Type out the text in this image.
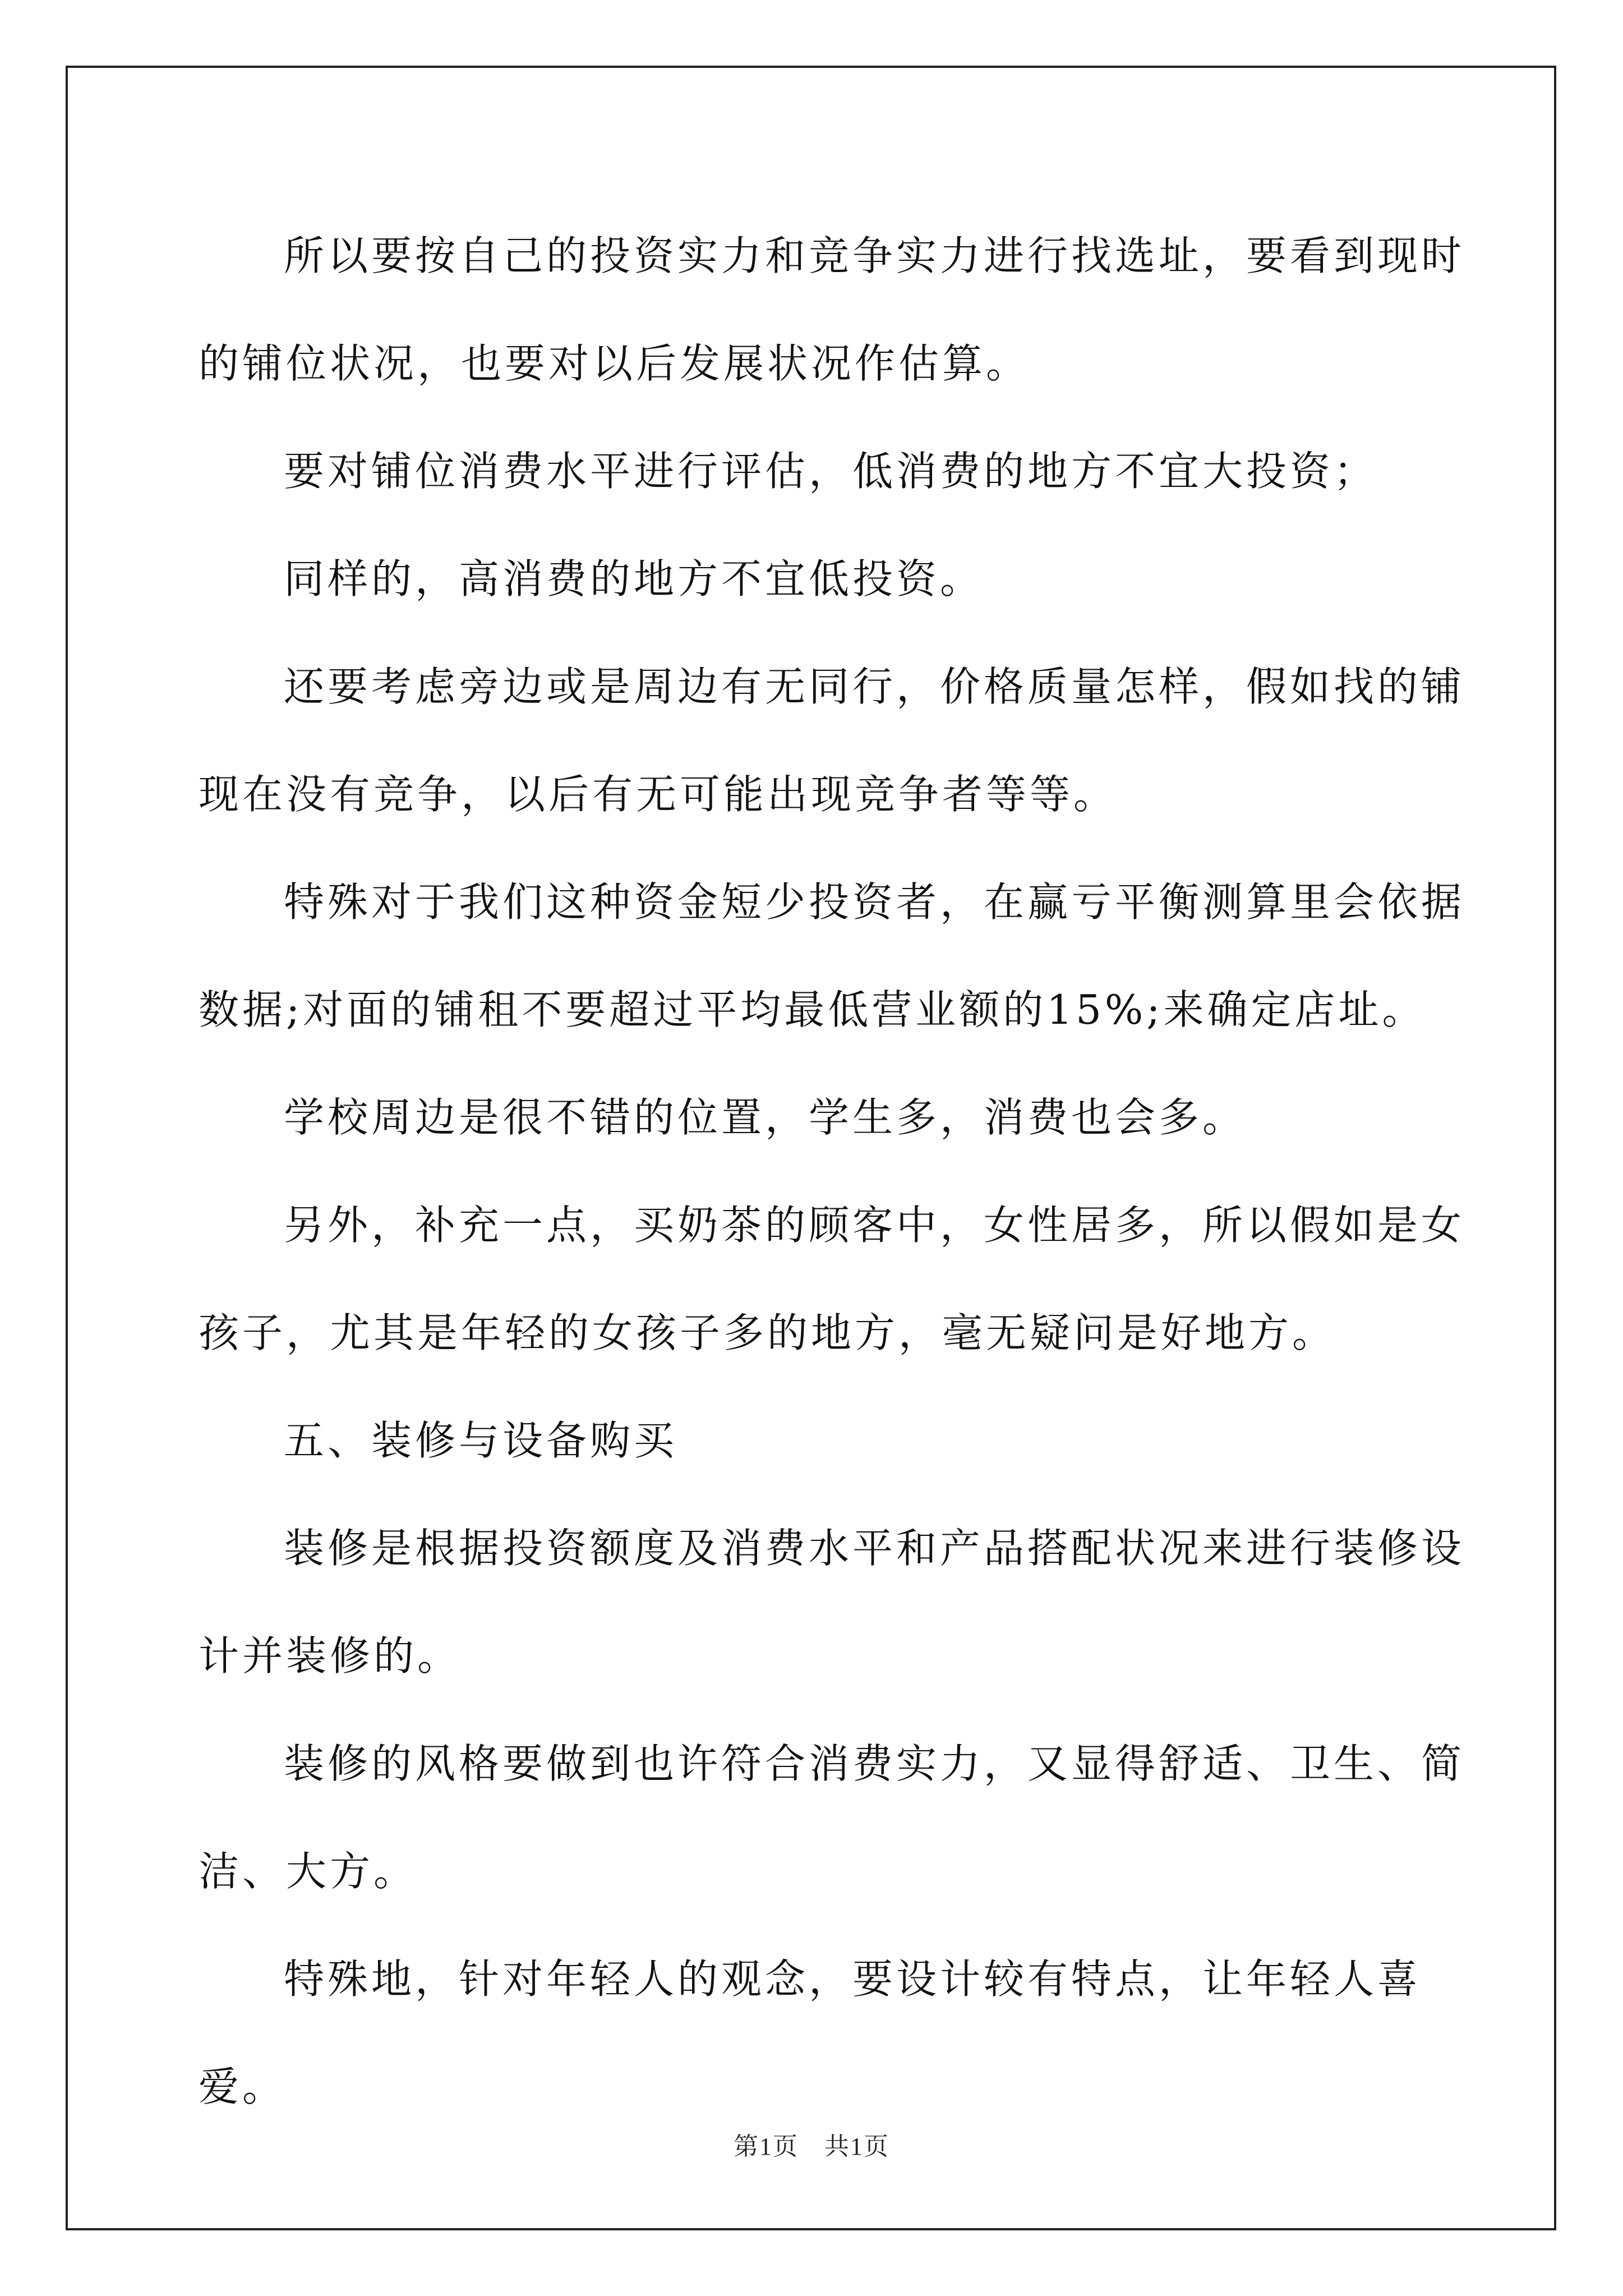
所以要按自己的投资实力和竞争实力进行找选址，要看到现时的铺位状况，也要对以后发展状况作估算。

要对铺位消费水平进行评估，低消费的地方不宜大投资；

同样的，高消费的地方不宜低投资。

还要考虑旁边或是周边有无同行，价格质量怎样，假如找的铺现在没有竞争，以后有无可能出现竞争者等等。

特殊对于我们这种资金短少投资者，在赢亏平衡测算里会依据数据;对面的铺租不要超过平均最低营业额的15%;来确定店址。

学校周边是很不错的位置，学生多，消费也会多。

另外，补充一点，买奶茶的顾客中，女性居多，所以假如是女孩子，尤其是年轻的女孩子多的地方，毫无疑问是好地方。

五、装修与设备购买

装修是根据投资额度及消费水平和产品搭配状况来进行装修设计并装修的。

装修的风格要做到也许符合消费实力，又显得舒适、卫生、简洁、大方。

特殊地，针对年轻人的观念，要设计较有特点，让年轻人喜爱。

第1页　共1页
